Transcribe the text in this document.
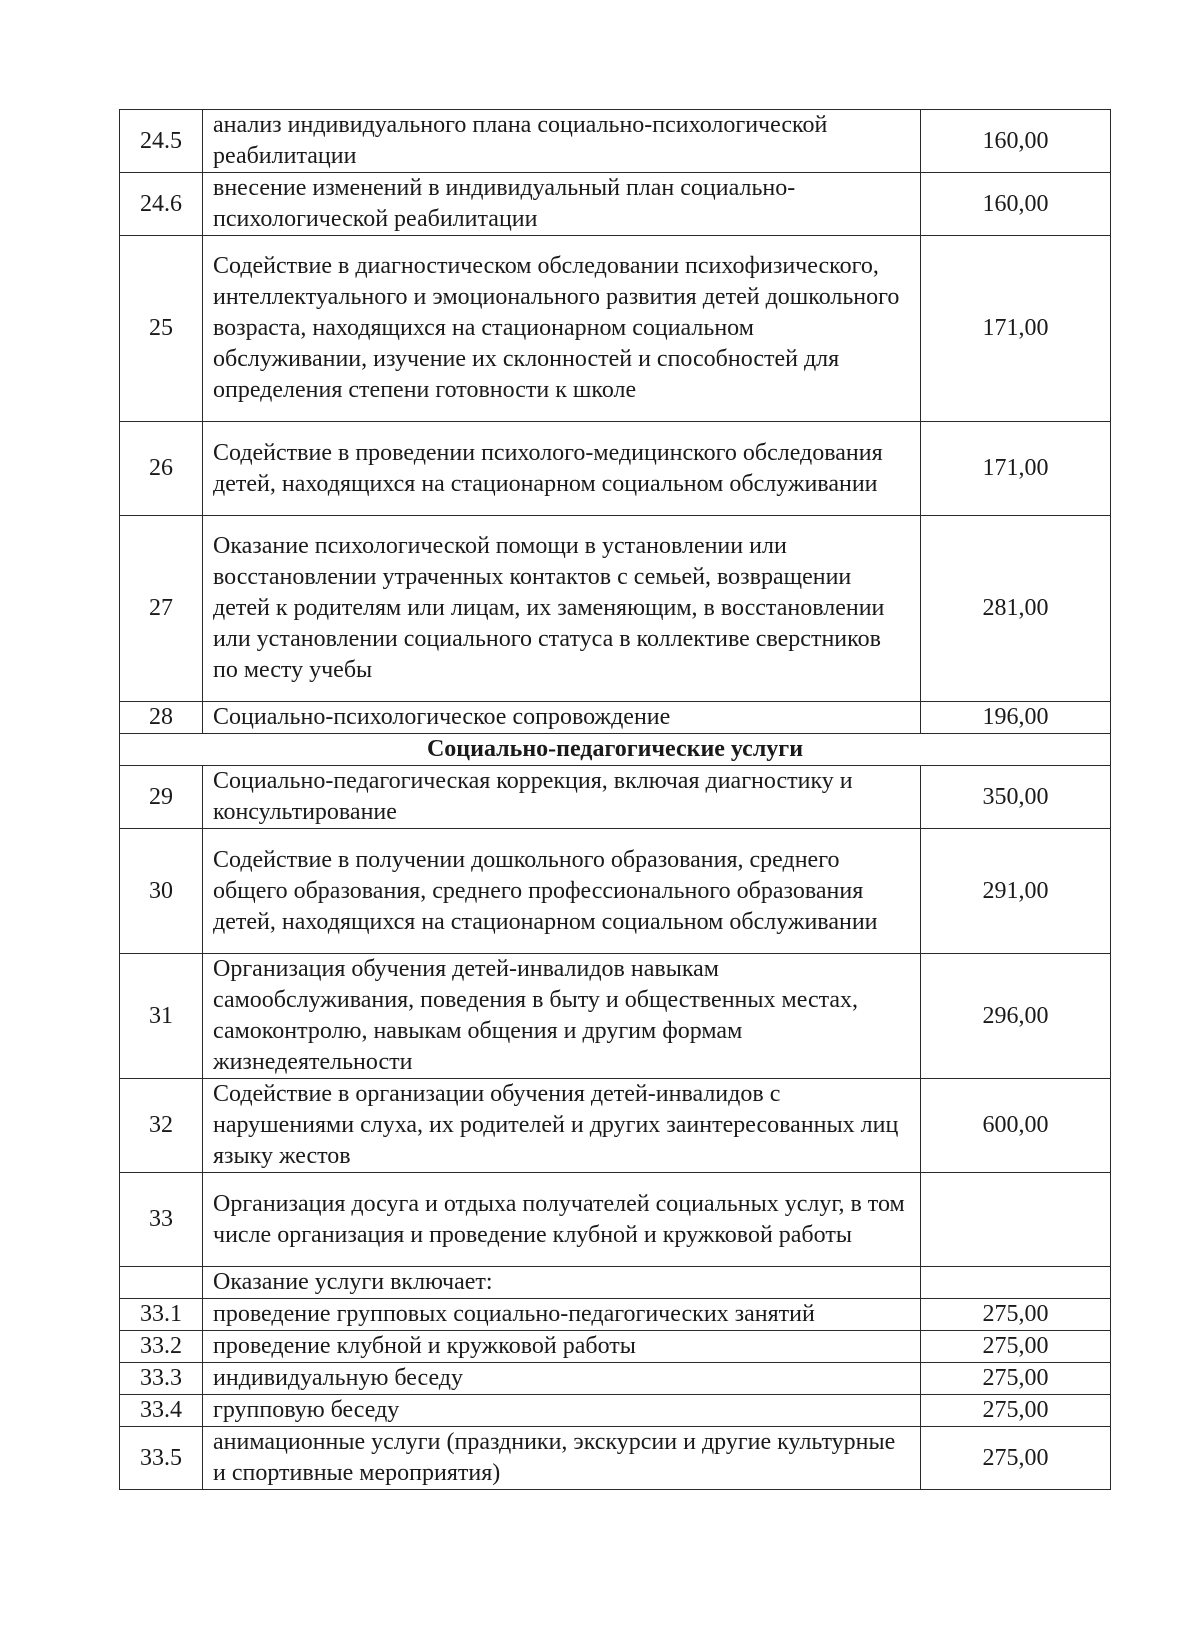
24.5	анализ индивидуального плана социально-психологической реабилитации	160,00
24.6	внесение изменений в индивидуальный план социально-психологической реабилитации	160,00
25	Содействие в диагностическом обследовании психофизического, интеллектуального и эмоционального развития детей дошкольного возраста, находящихся на стационарном социальном обслуживании, изучение их склонностей и способностей для определения степени готовности к школе	171,00
26	Содействие в проведении психолого-медицинского обследования детей, находящихся на стационарном социальном обслуживании	171,00
27	Оказание психологической помощи в установлении или восстановлении утраченных контактов с семьей, возвращении детей к родителям или лицам, их заменяющим, в восстановлении или установлении социального статуса в коллективе сверстников по месту учебы	281,00
28	Социально-психологическое сопровождение	196,00
Социально-педагогические услуги		
29	Социально-педагогическая коррекция, включая диагностику и консультирование	350,00
30	Содействие в получении дошкольного образования, среднего общего образования, среднего профессионального образования детей, находящихся на стационарном социальном обслуживании	291,00
31	Организация обучения детей-инвалидов навыкам самообслуживания, поведения в быту и общественных местах, самоконтролю, навыкам общения и другим формам жизнедеятельности	296,00
32	Содействие в организации обучения детей-инвалидов с нарушениями слуха, их родителей и других заинтересованных лиц языку жестов	600,00
33	Организация досуга и отдыха получателей социальных услуг, в том числе организация и проведение клубной и кружковой работы	
	Оказание услуги включает:	
33.1	проведение групповых социально-педагогических занятий	275,00
33.2	проведение клубной и кружковой работы	275,00
33.3	индивидуальную беседу	275,00
33.4	групповую беседу	275,00
33.5	анимационные услуги (праздники, экскурсии и другие культурные и спортивные мероприятия)	275,00
